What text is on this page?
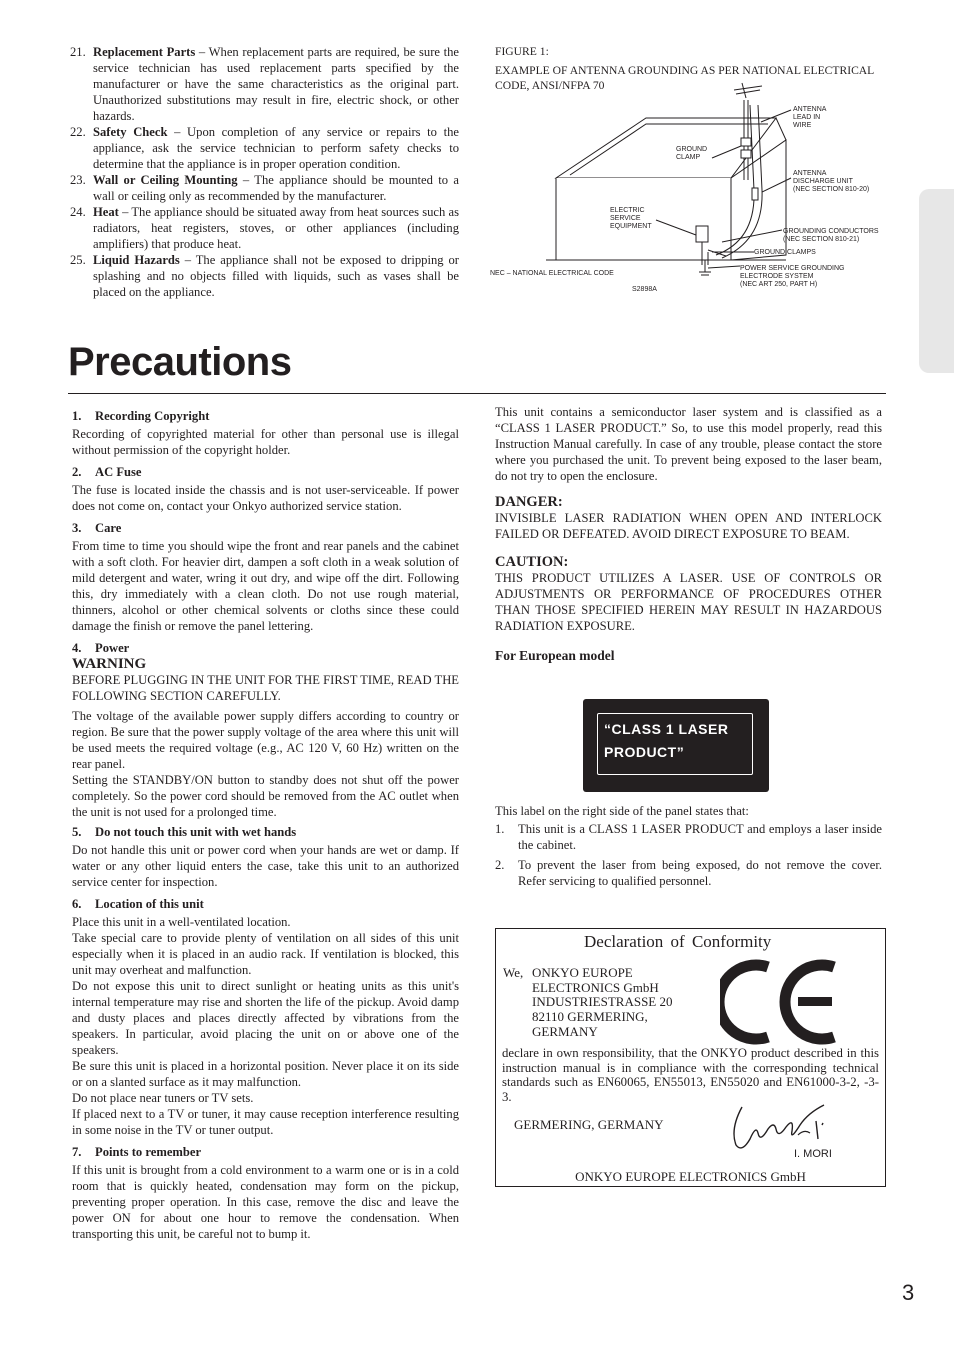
21. Replacement Parts – When replacement parts are required, be sure the service technician has used replacement parts specified by the manufacturer or have the same characteristics as the original part. Unauthorized substitutions may result in fire, electric shock, or other hazards.

22. Safety Check – Upon completion of any service or repairs to the appliance, ask the service technician to perform safety checks to determine that the appliance is in proper operation condition.

23. Wall or Ceiling Mounting – The appliance should be mounted to a wall or ceiling only as recommended by the manufacturer.

24. Heat – The appliance should be situated away from heat sources such as radiators, heat registers, stoves, or other appliances (including amplifiers) that produce heat.

25. Liquid Hazards – The appliance shall not be exposed to dripping or splashing and no objects filled with liquids, such as vases shall be placed on the appliance.

FIGURE 1:
EXAMPLE OF ANTENNA GROUNDING AS PER NATIONAL ELECTRICAL CODE, ANSI/NFPA 70
ANTENNA
LEAD IN
WIRE
GROUND
CLAMP
ANTENNA
DISCHARGE UNIT
(NEC SECTION 810-20)
ELECTRIC
SERVICE
EQUIPMENT
GROUNDING CONDUCTORS
(NEC SECTION 810-21)
GROUND CLAMPS
POWER SERVICE GROUNDING
ELECTRODE SYSTEM
(NEC ART 250, PART H)
NEC – NATIONAL ELECTRICAL CODE
S2898A
Precautions
1. Recording Copyright

Recording of copyrighted material for other than personal use is illegal without permission of the copyright holder.

2. AC Fuse

The fuse is located inside the chassis and is not user-serviceable. If power does not come on, contact your Onkyo authorized service station.

3. Care

From time to time you should wipe the front and rear panels and the cabinet with a soft cloth. For heavier dirt, dampen a soft cloth in a weak solution of mild detergent and water, wring it out dry, and wipe off the dirt. Following this, dry immediately with a clean cloth. Do not use rough material, thinners, alcohol or other chemical solvents or cloths since these could damage the finish or remove the panel lettering.

4. Power
WARNING

BEFORE PLUGGING IN THE UNIT FOR THE FIRST TIME, READ THE FOLLOWING SECTION CAREFULLY.

The voltage of the available power supply differs according to country or region. Be sure that the power supply voltage of the area where this unit will be used meets the required voltage (e.g., AC 120 V, 60 Hz) written on the rear panel.

Setting the STANDBY/ON button to standby does not shut off the power completely. So the power cord should be removed from the AC outlet when the unit is not used for a prolonged time.

5. Do not touch this unit with wet hands

Do not handle this unit or power cord when your hands are wet or damp. If water or any other liquid enters the case, take this unit to an authorized service center for inspection.

6. Location of this unit

Place this unit in a well-ventilated location.

Take special care to provide plenty of ventilation on all sides of this unit especially when it is placed in an audio rack. If ventilation is blocked, this unit may overheat and malfunction.

Do not expose this unit to direct sunlight or heating units as this unit's internal temperature may rise and shorten the life of the pickup. Avoid damp and dusty places and places directly affected by vibrations from the speakers. In particular, avoid placing the unit on or above one of the speakers.

Be sure this unit is placed in a horizontal position. Never place it on its side or on a slanted surface as it may malfunction.

Do not place near tuners or TV sets.

If placed next to a TV or tuner, it may cause reception interference resulting in some noise in the TV or tuner output.

7. Points to remember

If this unit is brought from a cold environment to a warm one or is in a cold room that is quickly heated, condensation may form on the pickup, preventing proper operation. In this case, remove the disc and leave the power ON for about one hour to remove the condensation. When transporting this unit, be careful not to bump it.

This unit contains a semiconductor laser system and is classified as a “CLASS 1 LASER PRODUCT.” So, to use this model properly, read this Instruction Manual carefully. In case of any trouble, please contact the store where you purchased the unit. To prevent being exposed to the laser beam, do not try to open the enclosure.

DANGER:

INVISIBLE LASER RADIATION WHEN OPEN AND INTERLOCK FAILED OR DEFEATED. AVOID DIRECT EXPOSURE TO BEAM.

CAUTION:

THIS PRODUCT UTILIZES A LASER. USE OF CONTROLS OR ADJUSTMENTS OR PERFORMANCE OF PROCEDURES OTHER THAN THOSE SPECIFIED HEREIN MAY RESULT IN HAZARDOUS RADIATION EXPOSURE.

For European model
“CLASS 1 LASER
PRODUCT”

This label on the right side of the panel states that:

1. This unit is a CLASS 1 LASER PRODUCT and employs a laser inside the cabinet.

2. To prevent the laser from being exposed, do not remove the cover. Refer servicing to qualified personnel.

Declaration of Conformity
We, ONKYO EUROPE
ELECTRONICS GmbH
INDUSTRIESTRASSE 20
82110 GERMERING,
GERMANY
declare in own responsibility, that the ONKYO product described in this instruction manual is in compliance with the corresponding technical standards such as EN60065, EN55013, EN55020 and EN61000-3-2, -3-3.
GERMERING, GERMANY
I. MORI
ONKYO EUROPE ELECTRONICS GmbH
3
